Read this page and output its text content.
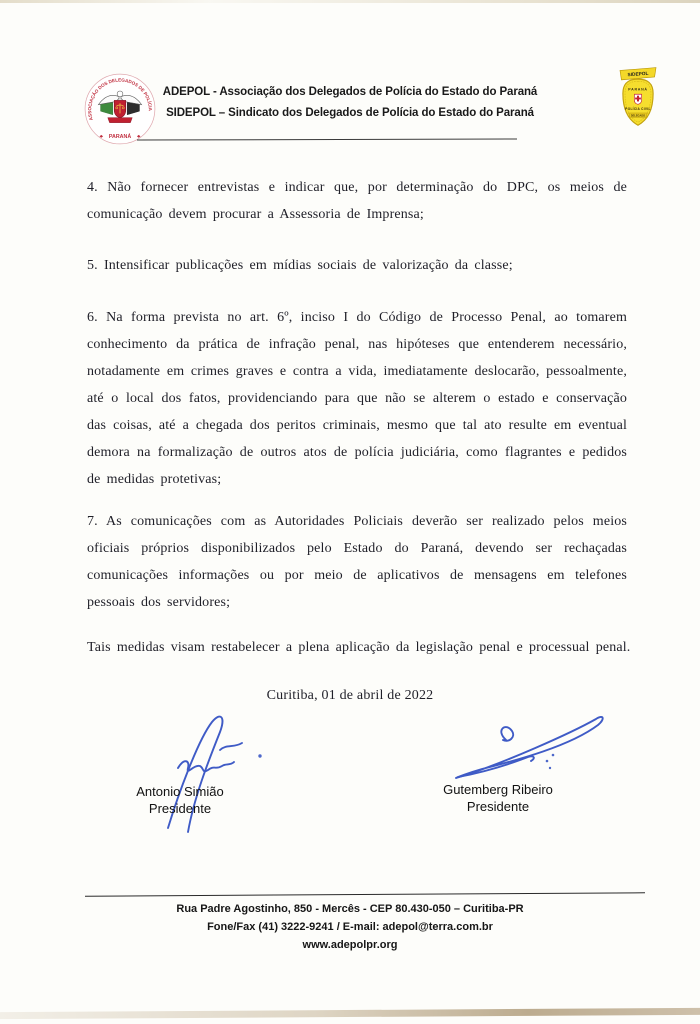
ASSOCIAÇÃO DOS DELEGADOS DE POLÍCIA
PARANÁ
ADEPOL - Associação dos Delegados de Polícia do Estado do Paraná
SIDEPOL – Sindicato dos Delegados de Polícia do Estado do Paraná
SIDEPOL
PARANÁ
POLÍCIA CIVIL
DELEGADO
4. Não fornecer entrevistas e indicar que, por determinação do DPC, os meios de comunicação devem procurar a Assessoria de Imprensa;
5. Intensificar publicações em mídias sociais de valorização da classe;
6. Na forma prevista no art. 6º, inciso I do Código de Processo Penal, ao tomarem conhecimento da prática de infração penal, nas hipóteses que entenderem necessário, notadamente em crimes graves e contra a vida, imediatamente deslocarão, pessoalmente, até o local dos fatos, providenciando para que não se alterem o estado e conservação das coisas, até a chegada dos peritos criminais, mesmo que tal ato resulte em eventual demora na formalização de outros atos de polícia judiciária, como flagrantes e pedidos de medidas protetivas;
7. As comunicações com as Autoridades Policiais deverão ser realizado pelos meios oficiais próprios disponibilizados pelo Estado do Paraná, devendo ser rechaçadas comunicações informações ou por meio de aplicativos de mensagens em telefones pessoais dos servidores;
Tais medidas visam restabelecer a plena aplicação da legislação penal e processual penal.
Curitiba, 01 de abril de 2022
Antonio Simião
Presidente
Gutemberg Ribeiro
Presidente
Rua Padre Agostinho, 850 - Mercês - CEP 80.430-050 – Curitiba-PR
Fone/Fax (41) 3222-9241 / E-mail: adepol@terra.com.br
www.adepolpr.org
